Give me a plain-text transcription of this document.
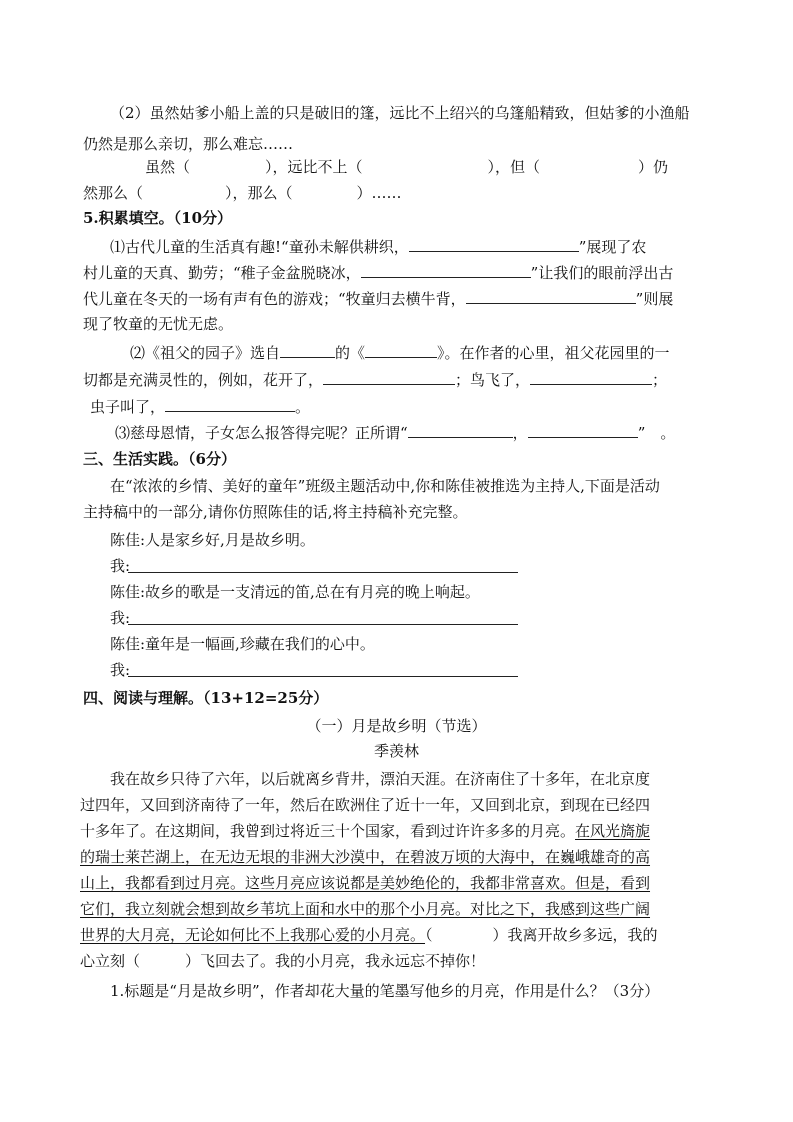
（2）虽然姑爹小船上盖的只是破旧的篷，远比不上绍兴的乌篷船精致，但姑爹的小渔船
仍然是那么亲切，那么难忘……
虽然（	），远比不上（	），但（	）仍
然那么（	），那么（	）……
5.积累填空。（10分）
⑴古代儿童的生活真有趣!“童孙未解供耕织，	”展现了农
村儿童的天真、勤劳；“稚子金盆脱晓冰，	”让我们的眼前浮出古
代儿童在冬天的一场有声有色的游戏；“牧童归去横牛背，	”则展
现了牧童的无忧无虑。
⑵《祖父的园子》选自	的《	》。在作者的心里，祖父花园里的一
切都是充满灵性的，例如，花开了，	；鸟飞了，	；
虫子叫了，	。
⑶慈母恩情，子女怎么报答得完呢？正所谓“	，	”　。
三、生活实践。（6分）
在“浓浓的乡情、美好的童年”班级主题活动中,你和陈佳被推选为主持人,下面是活动
主持稿中的一部分,请你仿照陈佳的话,将主持稿补充完整。
陈佳:人是家乡好,月是故乡明。
我:
陈佳:故乡的歌是一支清远的笛,总在有月亮的晚上响起。
我:
陈佳:童年是一幅画,珍藏在我们的心中。
我:
四、阅读与理解。（13+12=25分）
（一）月是故乡明（节选）
季羡林
我在故乡只待了六年，以后就离乡背井，漂泊天涯。在济南住了十多年，在北京度
过四年，又回到济南待了一年，然后在欧洲住了近十一年，又回到北京，到现在已经四
十多年了。在这期间，我曾到过将近三十个国家，看到过许许多多的月亮。在风光旖旎
的瑞士莱芒湖上，在无边无垠的非洲大沙漠中，在碧波万顷的大海中，在巍峨雄奇的高
山上，我都看到过月亮。这些月亮应该说都是美妙绝伦的，我都非常喜欢。但是，看到
它们，我立刻就会想到故乡苇坑上面和水中的那个小月亮。对比之下，我感到这些广阔
世界的大月亮，无论如何比不上我那心爱的小月亮。（　　　　）我离开故乡多远，我的
心立刻（　　　）飞回去了。我的小月亮，我永远忘不掉你！
1.标题是“月是故乡明”，作者却花大量的笔墨写他乡的月亮，作用是什么？（3分）
